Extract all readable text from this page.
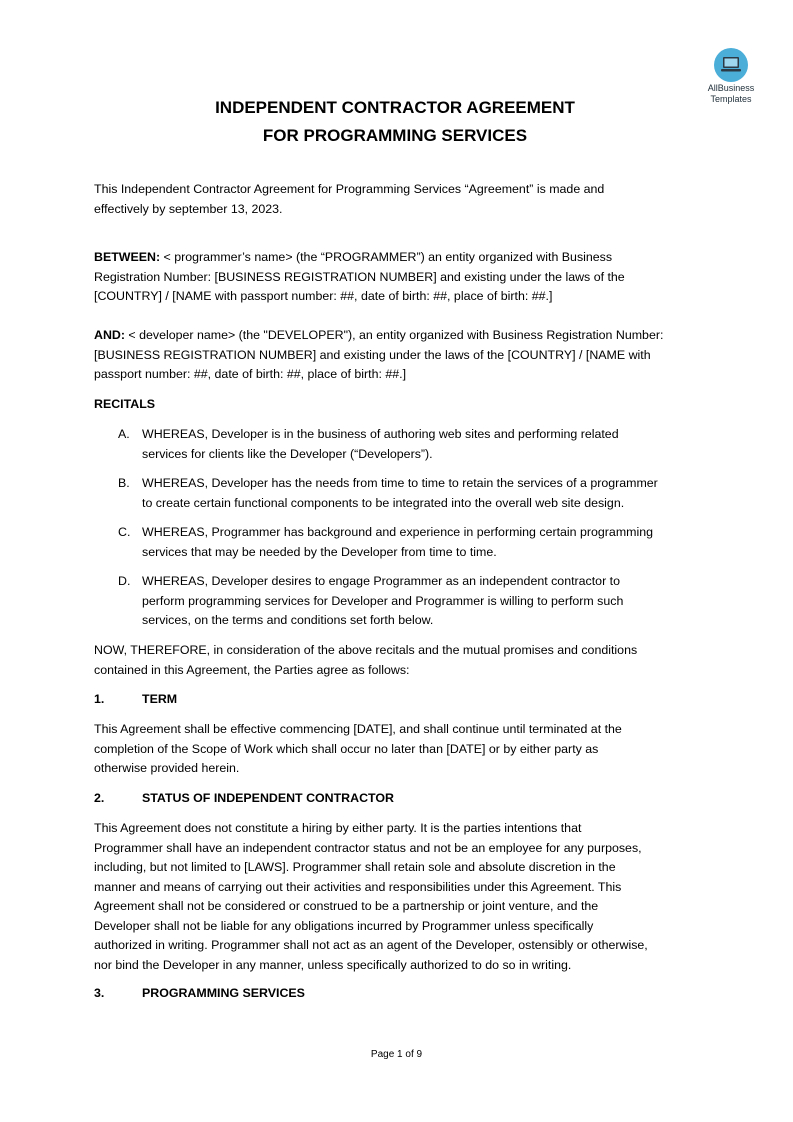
AllBusiness
Templates
INDEPENDENT CONTRACTOR AGREEMENT
FOR PROGRAMMING SERVICES
This Independent Contractor Agreement for Programming Services “Agreement” is made and
effectively by september 13, 2023.
BETWEEN: < programmer’s name> (the “PROGRAMMER”) an entity organized with Business
Registration Number: [BUSINESS REGISTRATION NUMBER] and existing under the laws of the
[COUNTRY] / [NAME with passport number: ##, date of birth: ##, place of birth: ##.]
AND: < developer name> (the "DEVELOPER"), an entity organized with Business Registration Number:
[BUSINESS REGISTRATION NUMBER] and existing under the laws of the [COUNTRY] / [NAME with
passport number: ##, date of birth: ##, place of birth: ##.]
RECITALS
A. WHEREAS, Developer is in the business of authoring web sites and performing related
services for clients like the Developer (“Developers”).
B. WHEREAS, Developer has the needs from time to time to retain the services of a programmer
to create certain functional components to be integrated into the overall web site design.
C. WHEREAS, Programmer has background and experience in performing certain programming
services that may be needed by the Developer from time to time.
D. WHEREAS, Developer desires to engage Programmer as an independent contractor to
perform programming services for Developer and Programmer is willing to perform such
services, on the terms and conditions set forth below.
NOW, THEREFORE, in consideration of the above recitals and the mutual promises and conditions
contained in this Agreement, the Parties agree as follows:
1.	TERM
This Agreement shall be effective commencing [DATE], and shall continue until terminated at the
completion of the Scope of Work which shall occur no later than [DATE] or by either party as
otherwise provided herein.
2.	STATUS OF INDEPENDENT CONTRACTOR
This Agreement does not constitute a hiring by either party. It is the parties intentions that
Programmer shall have an independent contractor status and not be an employee for any purposes,
including, but not limited to [LAWS]. Programmer shall retain sole and absolute discretion in the
manner and means of carrying out their activities and responsibilities under this Agreement. This
Agreement shall not be considered or construed to be a partnership or joint venture, and the
Developer shall not be liable for any obligations incurred by Programmer unless specifically
authorized in writing. Programmer shall not act as an agent of the Developer, ostensibly or otherwise,
nor bind the Developer in any manner, unless specifically authorized to do so in writing.
3.	PROGRAMMING SERVICES
Page 1 of 9
